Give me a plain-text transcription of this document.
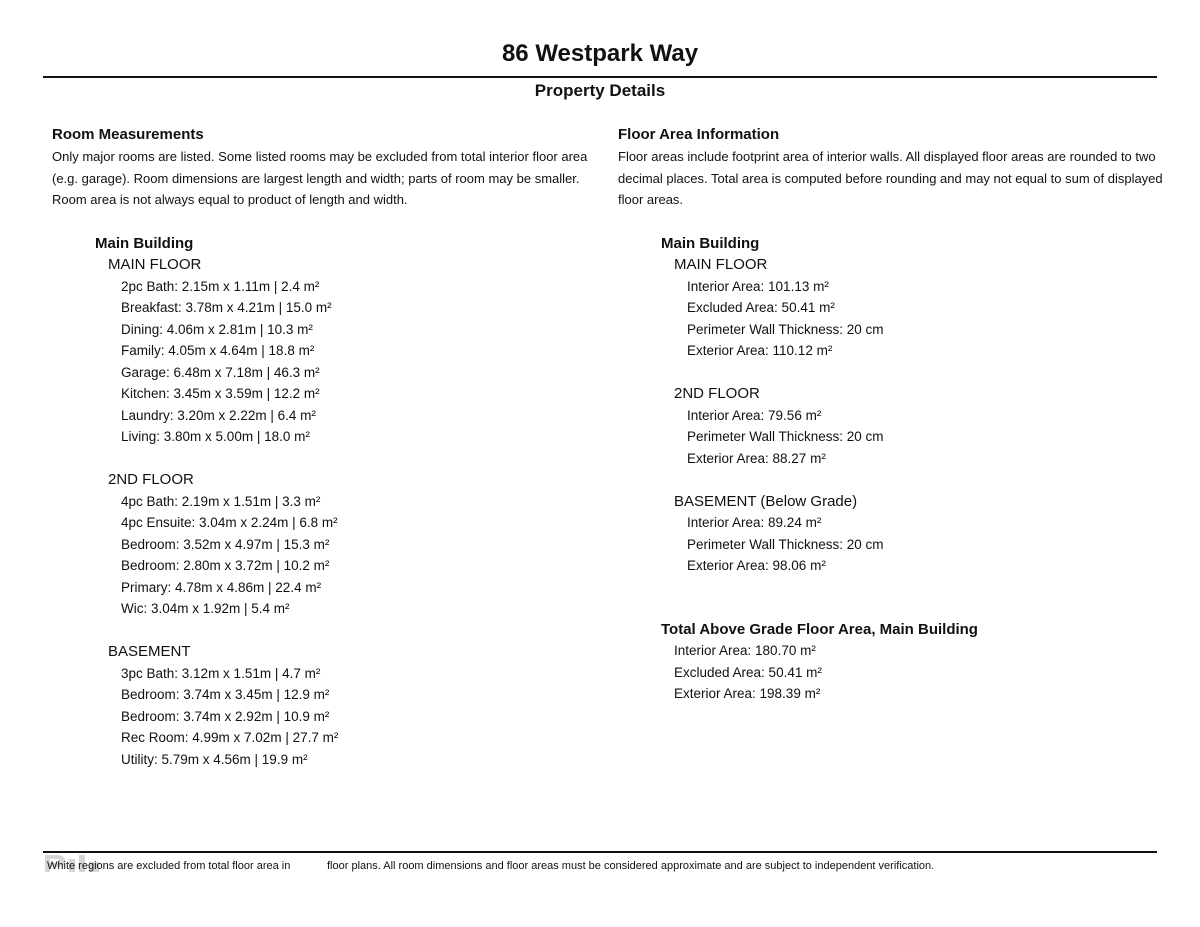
86 Westpark Way
Property Details
Room Measurements
Only major rooms are listed. Some listed rooms may be excluded from total interior floor area (e.g. garage). Room dimensions are largest length and width; parts of room may be smaller. Room area is not always equal to product of length and width.
Main Building
MAIN FLOOR
2pc Bath: 2.15m x 1.11m | 2.4 m²
Breakfast: 3.78m x 4.21m | 15.0 m²
Dining: 4.06m x 2.81m | 10.3 m²
Family: 4.05m x 4.64m | 18.8 m²
Garage: 6.48m x 7.18m | 46.3 m²
Kitchen: 3.45m x 3.59m | 12.2 m²
Laundry: 3.20m x 2.22m | 6.4 m²
Living: 3.80m x 5.00m | 18.0 m²
2ND FLOOR
4pc Bath: 2.19m x 1.51m | 3.3 m²
4pc Ensuite: 3.04m x 2.24m | 6.8 m²
Bedroom: 3.52m x 4.97m | 15.3 m²
Bedroom: 2.80m x 3.72m | 10.2 m²
Primary: 4.78m x 4.86m | 22.4 m²
Wic: 3.04m x 1.92m | 5.4 m²
BASEMENT
3pc Bath: 3.12m x 1.51m | 4.7 m²
Bedroom: 3.74m x 3.45m | 12.9 m²
Bedroom: 3.74m x 2.92m | 10.9 m²
Rec Room: 4.99m x 7.02m | 27.7 m²
Utility: 5.79m x 4.56m | 19.9 m²
Floor Area Information
Floor areas include footprint area of interior walls. All displayed floor areas are rounded to two decimal places. Total area is computed before rounding and may not equal to sum of displayed floor areas.
Main Building
MAIN FLOOR
Interior Area: 101.13 m²
Excluded Area: 50.41 m²
Perimeter Wall Thickness: 20 cm
Exterior Area: 110.12 m²
2ND FLOOR
Interior Area: 79.56 m²
Perimeter Wall Thickness: 20 cm
Exterior Area: 88.27 m²
BASEMENT (Below Grade)
Interior Area: 89.24 m²
Perimeter Wall Thickness: 20 cm
Exterior Area: 98.06 m²
Total Above Grade Floor Area, Main Building
Interior Area: 180.70 m²
Excluded Area: 50.41 m²
Exterior Area: 198.39 m²
White regions are excluded from total floor area in	floor plans. All room dimensions and floor areas must be considered approximate and are subject to independent verification.
